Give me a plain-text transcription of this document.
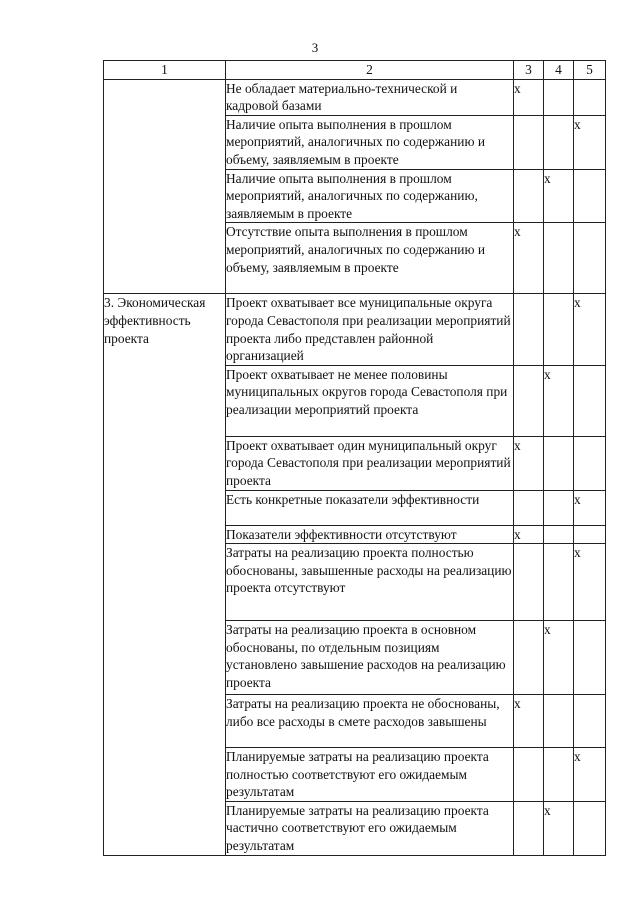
3
1	2	3	4	5
	Не обладает материально-технической и кадровой базами	х		
	Наличие опыта выполнения в прошлом мероприятий, аналогичных по содержанию и объему, заявляемым в проекте			х
	Наличие опыта выполнения в прошлом мероприятий, аналогичных по содержанию, заявляемым в проекте		х	
	Отсутствие опыта выполнения в прошлом мероприятий, аналогичных по содержанию и объему, заявляемым в проекте	х		
3. Экономическая эффективность проекта	Проект охватывает все муниципальные округа города Севастополя при реализации мероприятий проекта либо представлен районной организацией			х
	Проект охватывает не менее половины муниципальных округов города Севастополя при реализации мероприятий проекта		х	
	Проект охватывает один муниципальный округ города Севастополя при реализации мероприятий проекта	х		
	Есть конкретные показатели эффективности			х
	Показатели эффективности отсутствуют	х		
	Затраты на реализацию проекта полностью обоснованы, завышенные расходы на реализацию проекта отсутствуют			х
	Затраты на реализацию проекта в основном обоснованы, по отдельным позициям установлено завышение расходов на реализацию проекта		х	
	Затраты на реализацию проекта не обоснованы, либо все расходы в смете расходов завышены	х		
	Планируемые затраты на реализацию проекта полностью соответствуют его ожидаемым результатам			х
	Планируемые затраты на реализацию проекта частично соответствуют его ожидаемым результатам		х	
